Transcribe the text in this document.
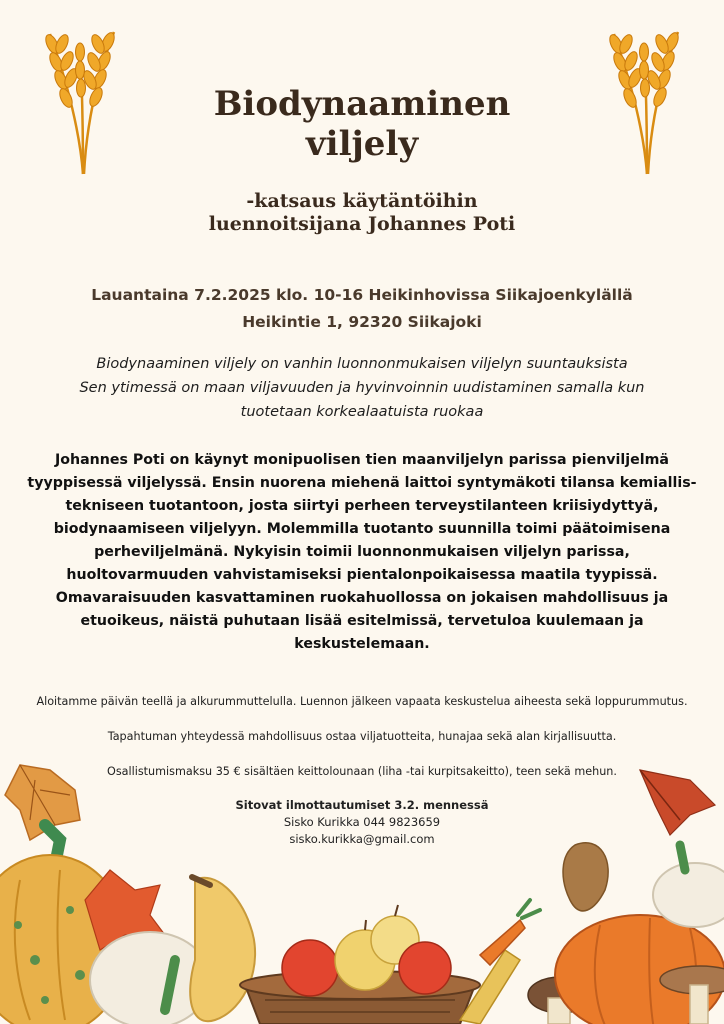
Biodynaaminen
viljely
-katsaus käytäntöihin
luennoitsijana Johannes Poti
Lauantaina 7.2.2025 klo. 10-16 Heikinhovissa Siikajoenkylällä
Heikintie 1, 92320 Siikajoki
Biodynaaminen viljely on vanhin luonnonmukaisen viljelyn suuntauksista
Sen ytimessä on maan viljavuuden ja hyvinvoinnin uudistaminen samalla kun
tuotetaan korkealaatuista ruokaa
Johannes Poti on käynyt monipuolisen tien maanviljelyn parissa pienviljelmä
tyyppisessä viljelyssä. Ensin nuorena miehenä laittoi syntymäkoti tilansa kemiallis-
tekniseen tuotantoon, josta siirtyi perheen terveystilanteen kriisiydyttyä,
biodynaamiseen viljelyyn. Molemmilla tuotanto suunnilla toimi päätoimisena
perheviljelmänä. Nykyisin toimii luonnonmukaisen viljelyn parissa,
huoltovarmuuden vahvistamiseksi pientalonpoikaisessa maatila tyypissä.
Omavaraisuuden kasvattaminen ruokahuollossa on jokaisen mahdollisuus ja
etuoikeus, näistä puhutaan lisää esitelmissä, tervetuloa kuulemaan ja
keskustelemaan.
Aloitamme päivän teellä ja alkurummuttelulla. Luennon jälkeen vapaata keskustelua aiheesta sekä loppurummutus.
Tapahtuman yhteydessä mahdollisuus ostaa viljatuotteita, hunajaa sekä alan kirjallisuutta.
Osallistumismaksu 35 € sisältäen keittolounaan (liha -tai kurpitsakeitto), teen sekä mehun.
Sitovat ilmottautumiset 3.2. mennessä
Sisko Kurikka 044 9823659
sisko.kurikka@gmail.com
